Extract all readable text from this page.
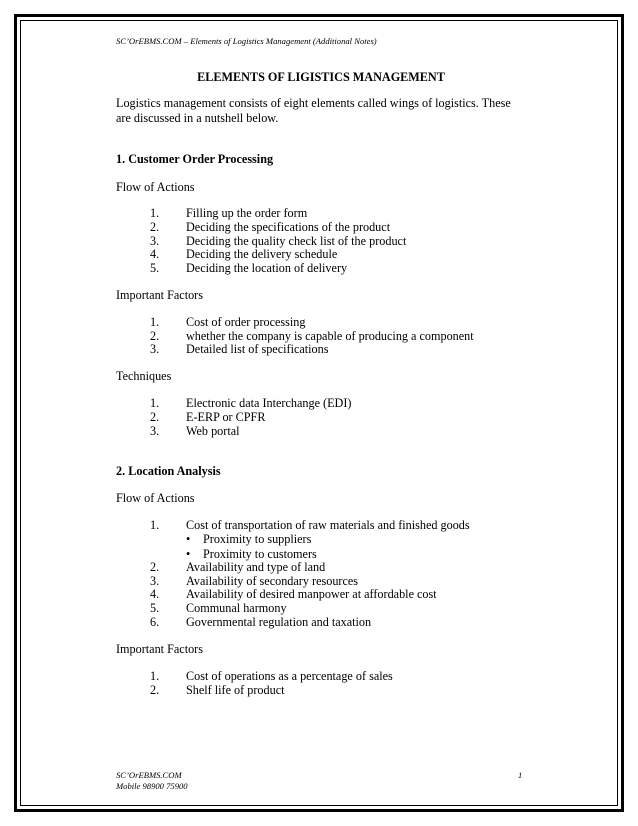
SC’OrEBMS.COM – Elements of Logistics Management (Additional Notes)
ELEMENTS OF LIGISTICS MANAGEMENT
Logistics management consists of eight elements called wings of logistics. These are discussed in a nutshell below.
1. Customer Order Processing
Flow of Actions
1. Filling up the order form
2. Deciding the specifications of the product
3. Deciding the quality check list of the product
4. Deciding the delivery schedule
5. Deciding the location of delivery
Important Factors
1. Cost of order processing
2. whether the company is capable of producing a component
3. Detailed list of specifications
Techniques
1. Electronic data Interchange (EDI)
2. E-ERP or CPFR
3. Web portal
2. Location Analysis
Flow of Actions
1. Cost of transportation of raw materials and finished goods
• Proximity to suppliers
• Proximity to customers
2. Availability and type of land
3. Availability of secondary resources
4. Availability of desired manpower at affordable cost
5. Communal harmony
6. Governmental regulation and taxation
Important Factors
1. Cost of operations as a percentage of sales
2. Shelf life of product
SC’OrEBMS.COM
Mobile 98900 75900
1
